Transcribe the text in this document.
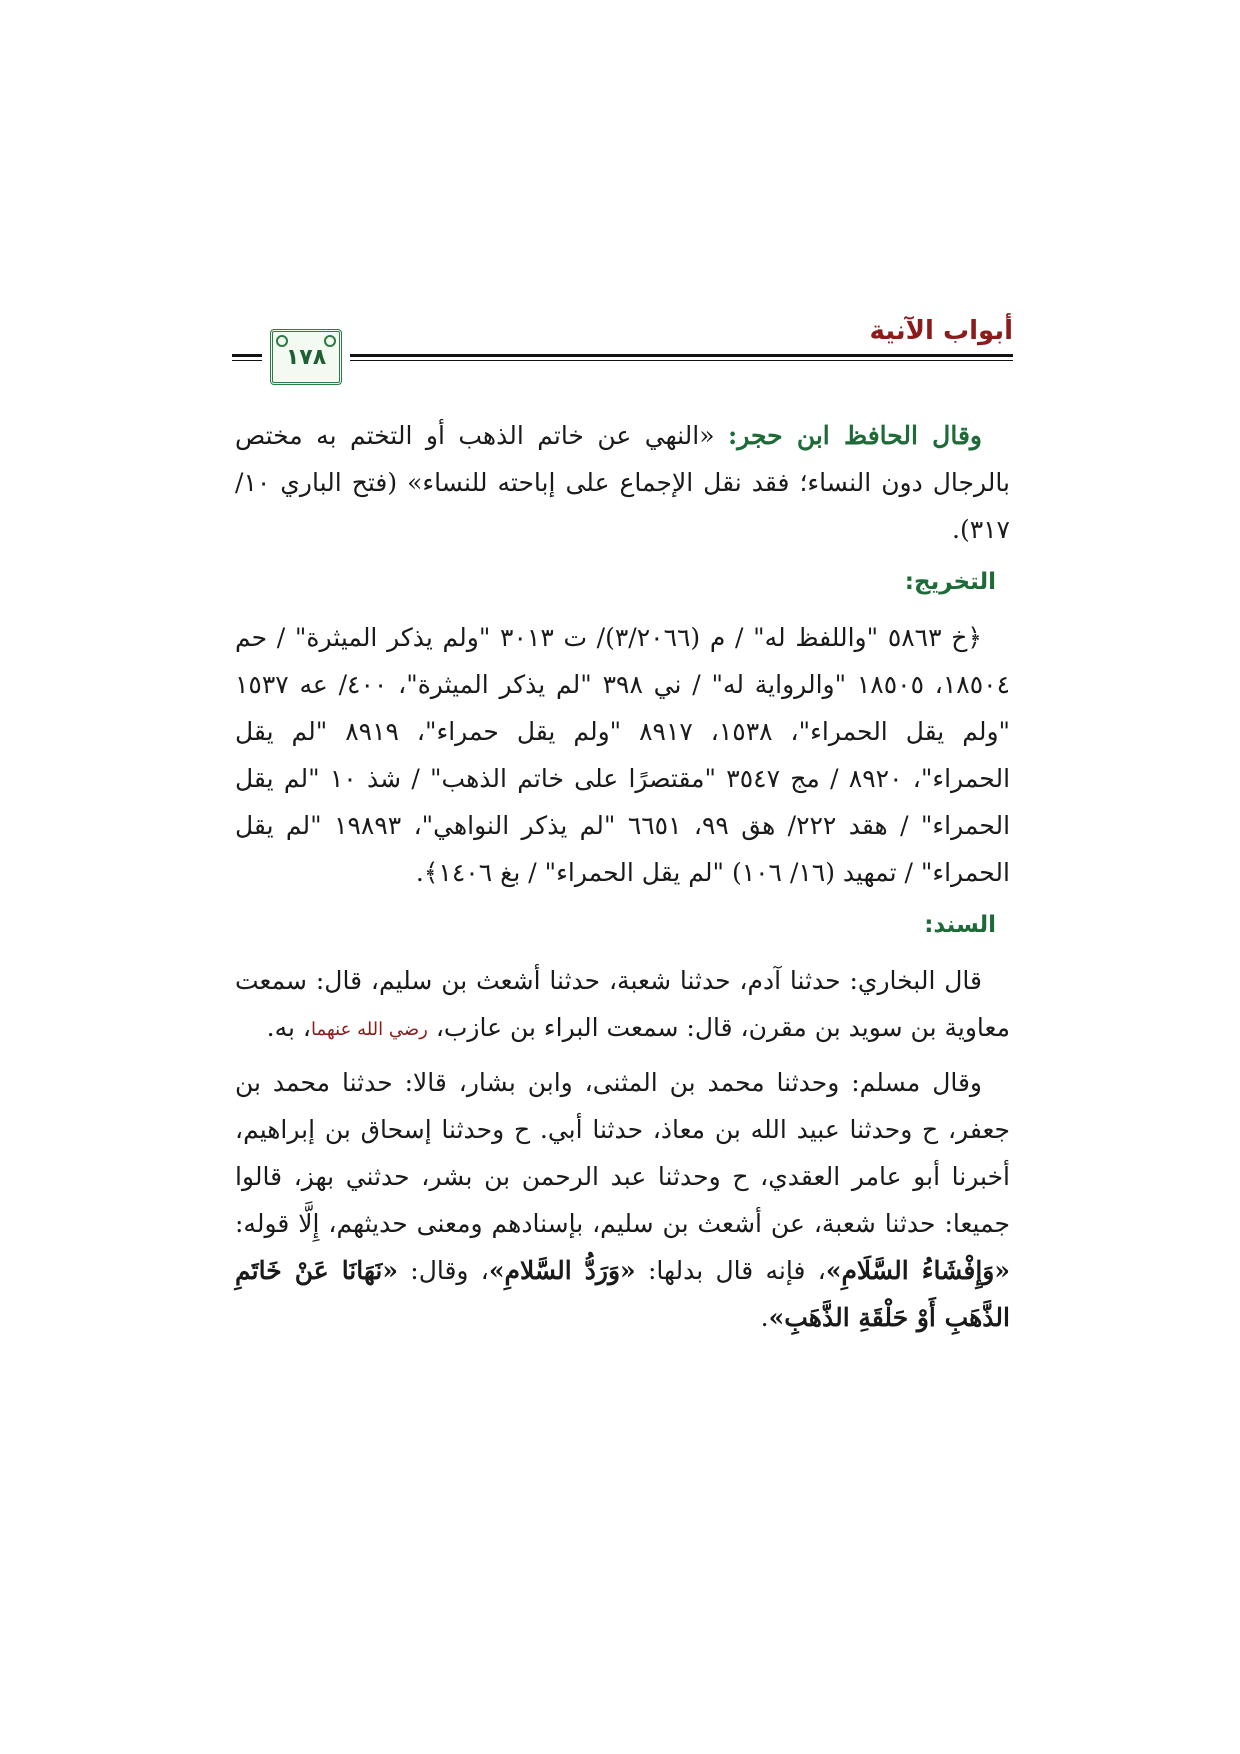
أبواب الآنية
١٧٨

وقال الحافظ ابن حجر: «النهي عن خاتم الذهب أو التختم به مختص بالرجال دون النساء؛ فقد نقل الإجماع على إباحته للنساء» (فتح الباري ١٠/ ٣١٧).

التخريج:

﴿خ ٥٨٦٣ "واللفظ له" / م (٣/٢٠٦٦)/ ت ٣٠١٣ "ولم يذكر الميثرة" / حم ١٨٥٠٤، ١٨٥٠٥ "والرواية له" / ني ٣٩٨ "لم يذكر الميثرة"، ٤٠٠/ عه ١٥٣٧ "ولم يقل الحمراء"، ١٥٣٨، ٨٩١٧ "ولم يقل حمراء"، ٨٩١٩ "لم يقل الحمراء"، ٨٩٢٠ / مج ٣٥٤٧ "مقتصرًا على خاتم الذهب" / شذ ١٠ "لم يقل الحمراء" / هقد ٢٢٢/ هق ٩٩، ٦٦٥١ "لم يذكر النواهي"، ١٩٨٩٣ "لم يقل الحمراء" / تمهيد (١٦/ ١٠٦) "لم يقل الحمراء" / بغ ١٤٠٦﴾.

السند:

قال البخاري: حدثنا آدم، حدثنا شعبة، حدثنا أشعث بن سليم، قال: سمعت معاوية بن سويد بن مقرن، قال: سمعت البراء بن عازب، رضي الله عنهما، به.

وقال مسلم: وحدثنا محمد بن المثنى، وابن بشار، قالا: حدثنا محمد بن جعفر، ح وحدثنا عبيد الله بن معاذ، حدثنا أبي. ح وحدثنا إسحاق بن إبراهيم، أخبرنا أبو عامر العقدي، ح وحدثنا عبد الرحمن بن بشر، حدثني بهز، قالوا جميعا: حدثنا شعبة، عن أشعث بن سليم، بإسنادهم ومعنى حديثهم، إِلَّا قوله: «وَإِفْشَاءُ السَّلَامِ»، فإنه قال بدلها: «وَرَدُّ السَّلامِ»، وقال: «نَهَانَا عَنْ خَاتَمِ الذَّهَبِ أَوْ حَلْقَةِ الذَّهَبِ».
